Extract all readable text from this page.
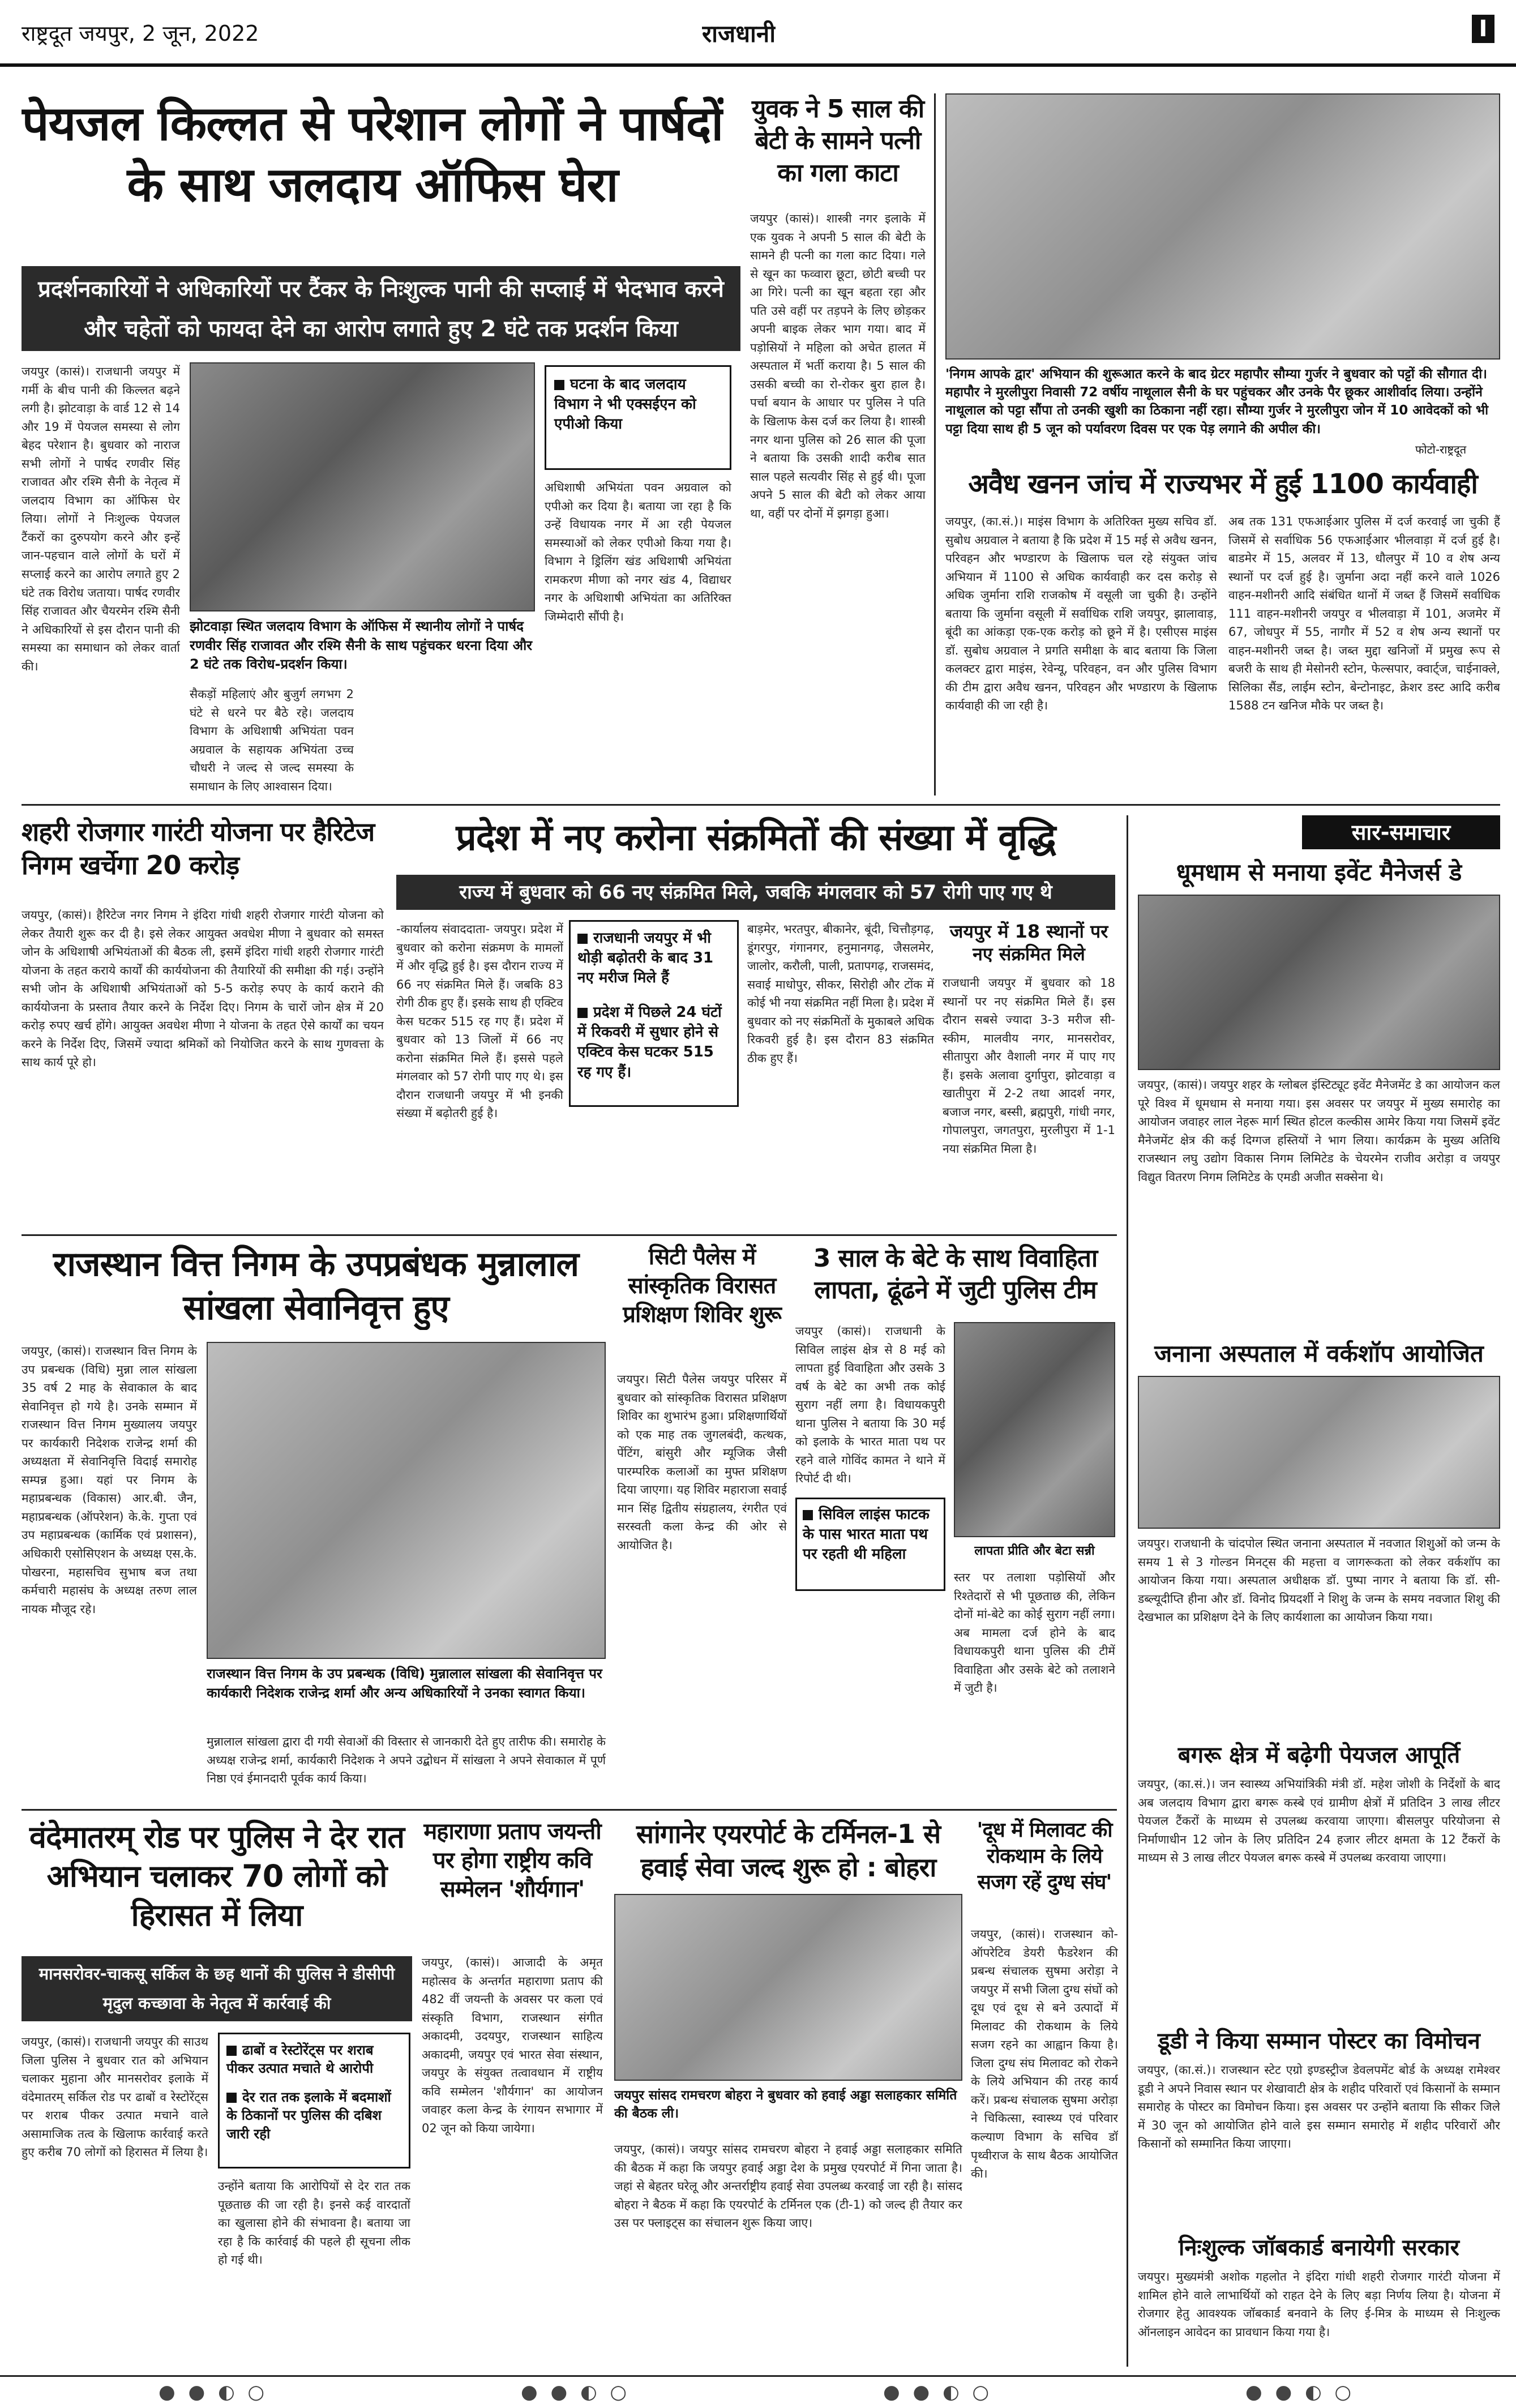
राष्ट्रदूत जयपुर, 2 जून, 2022	राजधानी	I
पेयजल किल्लत से परेशान लोगों ने पार्षदों के साथ जलदाय ऑफिस घेरा
प्रदर्शनकारियों ने अधिकारियों पर टैंकर के निःशुल्क पानी की सप्लाई में भेदभाव करने और चहेतों को फायदा देने का आरोप लगाते हुए 2 घंटे तक प्रदर्शन किया
जयपुर (कासं)। राजधानी जयपुर में गर्मी के बीच पानी की किल्लत बढ़ने लगी है। झोटवाड़ा के वार्ड 12 से 14 और 19 में पेयजल समस्या से लोग बेहद परेशान है। बुधवार को नाराज सभी लोगों ने पार्षद रणवीर सिंह राजावत और रश्मि सैनी के नेतृत्व में जलदाय विभाग का ऑफिस घेर लिया। लोगों ने निःशुल्क पेयजल टैंकरों का दुरुपयोग करने और इन्हें जान-पहचान वाले लोगों के घरों में सप्लाई करने का आरोप लगाते हुए 2 घंटे तक विरोध जताया। पार्षद रणवीर सिंह राजावत और चैयरमेन रश्मि सैनी ने अधिकारियों से इस दौरान पानी की समस्या का समाधान को लेकर वार्ता की।
झोटवाड़ा स्थित जलदाय विभाग के ऑफिस में स्थानीय लोगों ने पार्षद रणवीर सिंह राजावत और रश्मि सैनी के साथ पहुंचकर धरना दिया और 2 घंटे तक विरोध-प्रदर्शन किया।
सैकड़ों महिलाएं और बुजुर्ग लगभग 2 घंटे से धरने पर बैठे रहे। जलदाय विभाग के अधिशाषी अभियंता पवन अग्रवाल के सहायक अभियंता उच्च चौधरी ने जल्द से जल्द समस्या के समाधान के लिए आश्वासन दिया।
घटना के बाद जलदाय विभाग ने भी एक्सईएन को एपीओ किया
अधिशाषी अभियंता पवन अग्रवाल को एपीओ कर दिया है। बताया जा रहा है कि उन्हें विधायक नगर में आ रही पेयजल समस्याओं को लेकर एपीओ किया गया है। विभाग ने ड्रिलिंग खंड अधिशाषी अभियंता रामकरण मीणा को नगर खंड 4, विद्याधर नगर के अधिशाषी अभियंता का अतिरिक्त जिम्मेदारी सौंपी है।
युवक ने 5 साल की बेटी के सामने पत्नी का गला काटा
जयपुर (कासं)। शास्त्री नगर इलाके में एक युवक ने अपनी 5 साल की बेटी के सामने ही पत्नी का गला काट दिया। गले से खून का फव्वारा छूटा, छोटी बच्ची पर आ गिरे। पत्नी का खून बहता रहा और पति उसे वहीं पर तड़पने के लिए छोड़कर अपनी बाइक लेकर भाग गया। बाद में पड़ोसियों ने महिला को अचेत हालत में अस्पताल में भर्ती कराया है। 5 साल की उसकी बच्ची का रो-रोकर बुरा हाल है। पर्चा बयान के आधार पर पुलिस ने पति के खिलाफ केस दर्ज कर लिया है। शास्त्री नगर थाना पुलिस को 26 साल की पूजा ने बताया कि उसकी शादी करीब सात साल पहले सत्यवीर सिंह से हुई थी। पूजा अपने 5 साल की बेटी को लेकर आया था, वहीं पर दोनों में झगड़ा हुआ।
'निगम आपके द्वार' अभियान की शुरूआत करने के बाद ग्रेटर महापौर सौम्या गुर्जर ने बुधवार को पट्टों की सौगात दी। महापौर ने मुरलीपुरा निवासी 72 वर्षीय नाथूलाल सैनी के घर पहुंचकर और उनके पैर छूकर आशीर्वाद लिया। उन्होंने नाथूलाल को पट्टा सौंपा तो उनकी खुशी का ठिकाना नहीं रहा। सौम्या गुर्जर ने मुरलीपुरा जोन में 10 आवेदकों को भी पट्टा दिया साथ ही 5 जून को पर्यावरण दिवस पर एक पेड़ लगाने की अपील की।
फोटो-राष्ट्रदूत
अवैध खनन जांच में राज्यभर में हुई 1100 कार्यवाही
जयपुर, (का.सं.)। माइंस विभाग के अतिरिक्त मुख्य सचिव डॉ. सुबोध अग्रवाल ने बताया है कि प्रदेश में 15 मई से अवैध खनन, परिवहन और भण्डारण के खिलाफ चल रहे संयुक्त जांच अभियान में 1100 से अधिक कार्यवाही कर दस करोड़ से अधिक जुर्माना राशि राजकोष में वसूली जा चुकी है। उन्होंने बताया कि जुर्माना वसूली में सर्वाधिक राशि जयपुर, झालावाड़, बूंदी का आंकड़ा एक-एक करोड़ को छूने में है। एसीएस माइंस डॉ. सुबोध अग्रवाल ने प्रगति समीक्षा के बाद बताया कि जिला कलक्टर द्वारा माइंस, रेवेन्यू, परिवहन, वन और पुलिस विभाग की टीम द्वारा अवैध खनन, परिवहन और भण्डारण के खिलाफ कार्यवाही की जा रही है।
अब तक 131 एफआईआर पुलिस में दर्ज करवाई जा चुकी हैं जिसमें से सर्वाधिक 56 एफआईआर भीलवाड़ा में दर्ज हुई है। बाडमेर में 15, अलवर में 13, धौलपुर में 10 व शेष अन्य स्थानों पर दर्ज हुई है। जुर्माना अदा नहीं करने वाले 1026 वाहन-मशीनरी आदि संबंधित थानों में जब्त हैं जिसमें सर्वाधिक 111 वाहन-मशीनरी जयपुर व भीलवाड़ा में 101, अजमेर में 67, जोधपुर में 55, नागौर में 52 व शेष अन्य स्थानों पर वाहन-मशीनरी जब्त है। जब्त मुद्दा खनिजों में प्रमुख रूप से बजरी के साथ ही मेसोनरी स्टोन, फेल्सपार, क्वार्ट्ज, चाईनाक्ले, सिलिका सैंड, लाईम स्टोन, बेन्टोनाइट, क्रेशर डस्ट आदि करीब 1588 टन खनिज मौके पर जब्त है।
शहरी रोजगार गारंटी योजना पर हैरिटेज निगम खर्चेगा 20 करोड़
जयपुर, (कासं)। हैरिटेज नगर निगम ने इंदिरा गांधी शहरी रोजगार गारंटी योजना को लेकर तैयारी शुरू कर दी है। इसे लेकर आयुक्त अवधेश मीणा ने बुधवार को समस्त जोन के अधिशाषी अभियंताओं की बैठक ली, इसमें इंदिरा गांधी शहरी रोजगार गारंटी योजना के तहत कराये कार्यों की कार्ययोजना की तैयारियों की समीक्षा की गई। उन्होंने सभी जोन के अधिशाषी अभियंताओं को 5-5 करोड़ रुपए के कार्य कराने की कार्ययोजना के प्रस्ताव तैयार करने के निर्देश दिए। निगम के चारों जोन क्षेत्र में 20 करोड़ रुपए खर्च होंगे। आयुक्त अवधेश मीणा ने योजना के तहत ऐसे कार्यों का चयन करने के निर्देश दिए, जिसमें ज्यादा श्रमिकों को नियोजित करने के साथ गुणवत्ता के साथ कार्य पूरे हो।
प्रदेश में नए करोना संक्रमितों की संख्या में वृद्धि
राज्य में बुधवार को 66 नए संक्रमित मिले, जबकि मंगलवार को 57 रोगी पाए गए थे
-कार्यालय संवाददाता- जयपुर। प्रदेश में बुधवार को करोना संक्रमण के मामलों में और वृद्धि हुई है। इस दौरान राज्य में 66 नए संक्रमित मिले हैं। जबकि 83 रोगी ठीक हुए हैं। इसके साथ ही एक्टिव केस घटकर 515 रह गए हैं। प्रदेश में बुधवार को 13 जिलों में 66 नए करोना संक्रमित मिले हैं। इससे पहले मंगलवार को 57 रोगी पाए गए थे। इस दौरान राजधानी जयपुर में भी इनकी संख्या में बढ़ोतरी हुई है।
राजधानी जयपुर में भी थोड़ी बढ़ोतरी के बाद 31 नए मरीज मिले हैं
प्रदेश में पिछले 24 घंटों में रिकवरी में सुधार होने से एक्टिव केस घटकर 515 रह गए हैं।
बाड़मेर, भरतपुर, बीकानेर, बूंदी, चित्तौड़गढ़, डूंगरपुर, गंगानगर, हनुमानगढ़, जैसलमेर, जालोर, करौली, पाली, प्रतापगढ़, राजसमंद, सवाई माधोपुर, सीकर, सिरोही और टोंक में कोई भी नया संक्रमित नहीं मिला है। प्रदेश में बुधवार को नए संक्रमितों के मुकाबले अधिक रिकवरी हुई है। इस दौरान 83 संक्रमित ठीक हुए हैं।
जयपुर में 18 स्थानों पर नए संक्रमित मिले
राजधानी जयपुर में बुधवार को 18 स्थानों पर नए संक्रमित मिले हैं। इस दौरान सबसे ज्यादा 3-3 मरीज सी-स्कीम, मालवीय नगर, मानसरोवर, सीतापुरा और वैशाली नगर में पाए गए हैं। इसके अलावा दुर्गापुरा, झोटवाड़ा व खातीपुरा में 2-2 तथा आदर्श नगर, बजाज नगर, बस्सी, ब्रह्मपुरी, गांधी नगर, गोपालपुरा, जगतपुरा, मुरलीपुरा में 1-1 नया संक्रमित मिला है।
सार-समाचार
धूमधाम से मनाया इवेंट मैनेजर्स डे
जयपुर, (कासं)। जयपुर शहर के ग्लोबल इंस्टिट्यूट इवेंट मैनेजमेंट डे का आयोजन कल पूरे विश्व में धूमधाम से मनाया गया। इस अवसर पर जयपुर में मुख्य समारोह का आयोजन जवाहर लाल नेहरू मार्ग स्थित होटल कल्कीस आमेर किया गया जिसमें इवेंट मैनेजमेंट क्षेत्र की कई दिग्गज हस्तियों ने भाग लिया। कार्यक्रम के मुख्य अतिथि राजस्थान लघु उद्योग विकास निगम लिमिटेड के चेयरमेन राजीव अरोड़ा व जयपुर विद्युत वितरण निगम लिमिटेड के एमडी अजीत सक्सेना थे।
जनाना अस्पताल में वर्कशॉप आयोजित
जयपुर। राजधानी के चांदपोल स्थित जनाना अस्पताल में नवजात शिशुओं को जन्म के समय 1 से 3 गोल्डन मिनट्स की महत्ता व जागरूकता को लेकर वर्कशॉप का आयोजन किया गया। अस्पताल अधीक्षक डॉ. पुष्पा नागर ने बताया कि डॉ. सी-डब्ल्यूदीप्ति हीना और डॉ. विनोद प्रियदर्शी ने शिशु के जन्म के समय नवजात शिशु की देखभाल का प्रशिक्षण देने के लिए कार्यशाला का आयोजन किया गया।
बगरू क्षेत्र में बढ़ेगी पेयजल आपूर्ति
जयपुर, (का.सं.)। जन स्वास्थ्य अभियांत्रिकी मंत्री डॉ. महेश जोशी के निर्देशों के बाद अब जलदाय विभाग द्वारा बगरू कस्बे एवं ग्रामीण क्षेत्रों में प्रतिदिन 3 लाख लीटर पेयजल टैंकरों के माध्यम से उपलब्ध करवाया जाएगा। बीसलपुर परियोजना से निर्माणाधीन 12 जोन के लिए प्रतिदिन 24 हजार लीटर क्षमता के 12 टैंकरों के माध्यम से 3 लाख लीटर पेयजल बगरू कस्बे में उपलब्ध करवाया जाएगा।
डूडी ने किया सम्मान पोस्टर का विमोचन
जयपुर, (का.सं.)। राजस्थान स्टेट एग्रो इण्डस्ट्रीज डेवलपमेंट बोर्ड के अध्यक्ष रामेश्वर डूडी ने अपने निवास स्थान पर शेखावाटी क्षेत्र के शहीद परिवारों एवं किसानों के सम्मान समारोह के पोस्टर का विमोचन किया। इस अवसर पर उन्होंने बताया कि सीकर जिले में 30 जून को आयोजित होने वाले इस सम्मान समारोह में शहीद परिवारों और किसानों को सम्मानित किया जाएगा।
निःशुल्क जॉबकार्ड बनायेगी सरकार
जयपुर। मुख्यमंत्री अशोक गहलोत ने इंदिरा गांधी शहरी रोजगार गारंटी योजना में शामिल होने वाले लाभार्थियों को राहत देने के लिए बड़ा निर्णय लिया है। योजना में रोजगार हेतु आवश्यक जॉबकार्ड बनवाने के लिए ई-मित्र के माध्यम से निःशुल्क ऑनलाइन आवेदन का प्रावधान किया गया है।
राजस्थान वित्त निगम के उपप्रबंधक मुन्नालाल सांखला सेवानिवृत्त हुए
जयपुर, (कासं)। राजस्थान वित्त निगम के उप प्रबन्धक (विधि) मुन्ना लाल सांखला 35 वर्ष 2 माह के सेवाकाल के बाद सेवानिवृत्त हो गये है। उनके सम्मान में राजस्थान वित्त निगम मुख्यालय जयपुर पर कार्यकारी निदेशक राजेन्द्र शर्मा की अध्यक्षता में सेवानिवृत्ति विदाई समारोह सम्पन्न हुआ। यहां पर निगम के महाप्रबन्धक (विकास) आर.बी. जैन, महाप्रबन्धक (ऑपरेशन) के.के. गुप्ता एवं उप महाप्रबन्धक (कार्मिक एवं प्रशासन), अधिकारी एसोसिएशन के अध्यक्ष एस.के. पोखरना, महासचिव सुभाष बज तथा कर्मचारी महासंघ के अध्यक्ष तरुण लाल नायक मौजूद रहे।
राजस्थान वित्त निगम के उप प्रबन्धक (विधि) मुन्नालाल सांखला की सेवानिवृत्त पर कार्यकारी निदेशक राजेन्द्र शर्मा और अन्य अधिकारियों ने उनका स्वागत किया।
मुन्नालाल सांखला द्वारा दी गयी सेवाओं की विस्तार से जानकारी देते हुए तारीफ की। समारोह के अध्यक्ष राजेन्द्र शर्मा, कार्यकारी निदेशक ने अपने उद्बोधन में सांखला ने अपने सेवाकाल में पूर्ण निष्ठा एवं ईमानदारी पूर्वक कार्य किया।
सिटी पैलेस में सांस्कृतिक विरासत प्रशिक्षण शिविर शुरू
जयपुर। सिटी पैलेस जयपुर परिसर में बुधवार को सांस्कृतिक विरासत प्रशिक्षण शिविर का शुभारंभ हुआ। प्रशिक्षणार्थियों को एक माह तक जुगलबंदी, कत्थक, पेंटिंग, बांसुरी और म्यूजिक जैसी पारम्परिक कलाओं का मुफ्त प्रशिक्षण दिया जाएगा। यह शिविर महाराजा सवाई मान सिंह द्वितीय संग्रहालय, रंगरीत एवं सरस्वती कला केन्द्र की ओर से आयोजित है।
3 साल के बेटे के साथ विवाहिता लापता, ढूंढने में जुटी पुलिस टीम
जयपुर (कासं)। राजधानी के सिविल लाइंस क्षेत्र से 8 मई को लापता हुई विवाहिता और उसके 3 वर्ष के बेटे का अभी तक कोई सुराग नहीं लगा है। विधायकपुरी थाना पुलिस ने बताया कि 30 मई को इलाके के भारत माता पथ पर रहने वाले गोविंद कामत ने थाने में रिपोर्ट दी थी।
सिविल लाइंस फाटक के पास भारत माता पथ पर रहती थी महिला	लापता प्रीति और बेटा सन्नी
स्तर पर तलाशा पड़ोसियों और रिश्तेदारों से भी पूछताछ की, लेकिन दोनों मां-बेटे का कोई सुराग नहीं लगा। अब मामला दर्ज होने के बाद विधायकपुरी थाना पुलिस की टीमें विवाहिता और उसके बेटे को तलाशने में जुटी है।
वंदेमातरम् रोड पर पुलिस ने देर रात अभियान चलाकर 70 लोगों को हिरासत में लिया
मानसरोवर-चाकसू सर्किल के छह थानों की पुलिस ने डीसीपी मृदुल कच्छावा के नेतृत्व में कार्रवाई की
जयपुर, (कासं)। राजधानी जयपुर की साउथ जिला पुलिस ने बुधवार रात को अभियान चलाकर मुहाना और मानसरोवर इलाके में वंदेमातरम् सर्किल रोड पर ढाबों व रेस्टोरेंट्स पर शराब पीकर उत्पात मचाने वाले असामाजिक तत्व के खिलाफ कार्रवाई करते हुए करीब 70 लोगों को हिरासत में लिया है।
ढाबों व रेस्टोरेंट्स पर शराब पीकर उत्पात मचाते थे आरोपी
देर रात तक इलाके में बदमाशों के ठिकानों पर पुलिस की दबिश जारी रही
उन्होंने बताया कि आरोपियों से देर रात तक पूछताछ की जा रही है। इनसे कई वारदातों का खुलासा होने की संभावना है। बताया जा रहा है कि कार्रवाई की पहले ही सूचना लीक हो गई थी।
महाराणा प्रताप जयन्ती पर होगा राष्ट्रीय कवि सम्मेलन 'शौर्यगान'
जयपुर, (कासं)। आजादी के अमृत महोत्सव के अन्तर्गत महाराणा प्रताप की 482 वीं जयन्ती के अवसर पर कला एवं संस्कृति विभाग, राजस्थान संगीत अकादमी, उदयपुर, राजस्थान साहित्य अकादमी, जयपुर एवं भारत सेवा संस्थान, जयपुर के संयुक्त तत्वावधान में राष्ट्रीय कवि सम्मेलन 'शौर्यगान' का आयोजन जवाहर कला केन्द्र के रंगायन सभागार में 02 जून को किया जायेगा।
सांगानेर एयरपोर्ट के टर्मिनल-1 से हवाई सेवा जल्द शुरू हो : बोहरा
जयपुर सांसद रामचरण बोहरा ने बुधवार को हवाई अड्डा सलाहकार समिति की बैठक ली।
जयपुर, (कासं)। जयपुर सांसद रामचरण बोहरा ने हवाई अड्डा सलाहकार समिति की बैठक में कहा कि जयपुर हवाई अड्डा देश के प्रमुख एयरपोर्ट में गिना जाता है। जहां से बेहतर घरेलू और अन्तर्राष्ट्रीय हवाई सेवा उपलब्ध करवाई जा रही है। सांसद बोहरा ने बैठक में कहा कि एयरपोर्ट के टर्मिनल एक (टी-1) को जल्द ही तैयार कर उस पर फ्लाइट्स का संचालन शुरू किया जाए।
'दूध में मिलावट की रोकथाम के लिये सजग रहें दुग्ध संघ'
जयपुर, (कासं)। राजस्थान को-ऑपरेटिव डेयरी फैडरेशन की प्रबन्ध संचालक सुषमा अरोड़ा ने जयपुर में सभी जिला दुग्ध संघों को दूध एवं दूध से बने उत्पादों में मिलावट की रोकथाम के लिये सजग रहने का आह्वान किया है। जिला दुग्ध संघ मिलावट को रोकने के लिये अभियान की तरह कार्य करें। प्रबन्ध संचालक सुषमा अरोड़ा ने चिकित्सा, स्वास्थ्य एवं परिवार कल्याण विभाग के सचिव डॉ पृथ्वीराज के साथ बैठक आयोजित की।
● ● ◐ ○	● ● ◐ ○	● ● ◐ ○	● ● ◐ ○
